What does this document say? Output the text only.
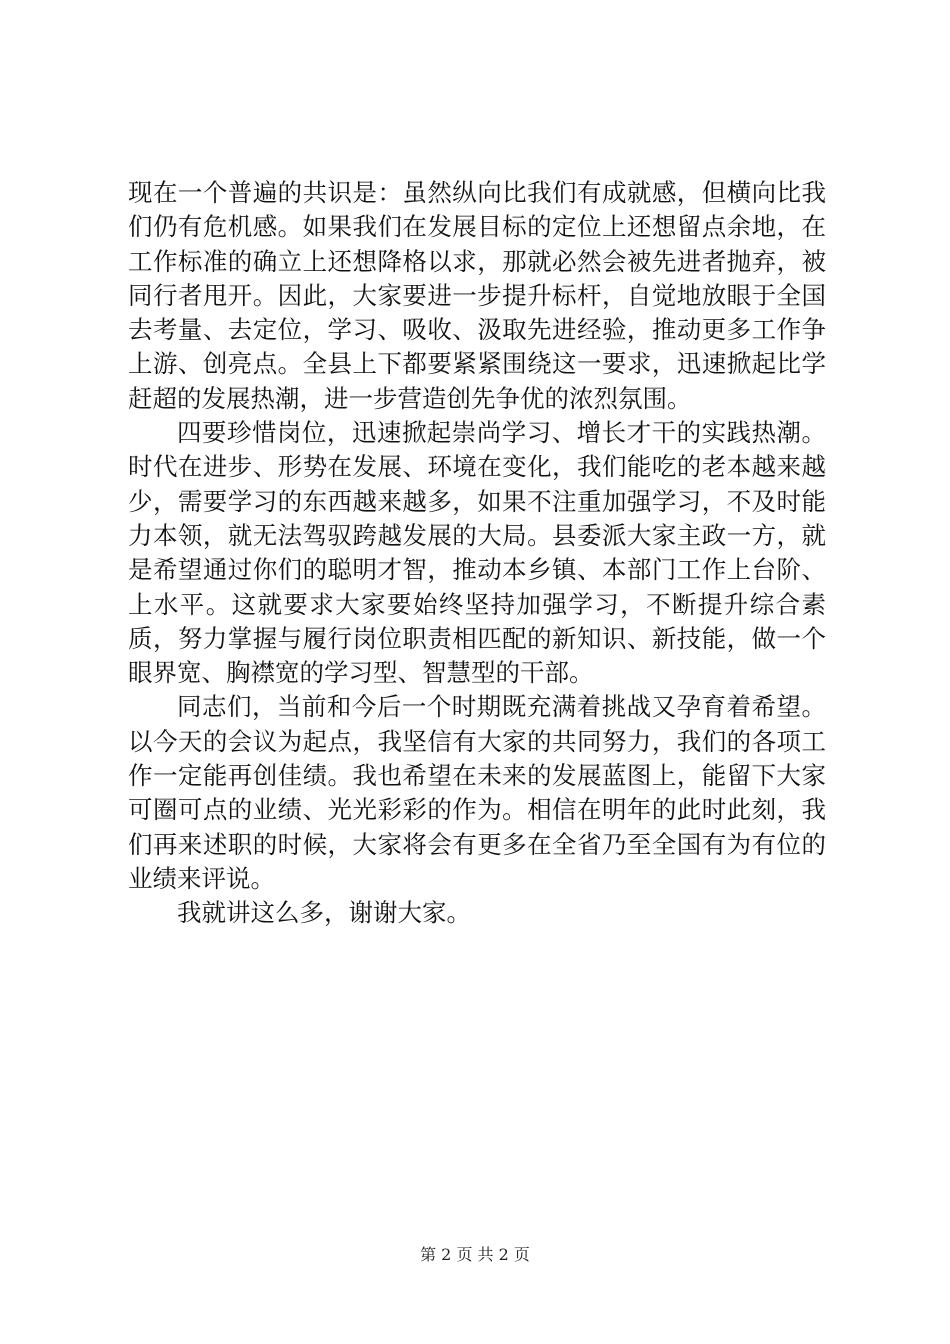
现在一个普遍的共识是：虽然纵向比我们有成就感，但横向比我们仍有危机感。如果我们在发展目标的定位上还想留点余地，在工作标准的确立上还想降格以求，那就必然会被先进者抛弃，被同行者甩开。因此，大家要进一步提升标杆，自觉地放眼于全国去考量、去定位，学习、吸收、汲取先进经验，推动更多工作争上游、创亮点。全县上下都要紧紧围绕这一要求，迅速掀起比学赶超的发展热潮，进一步营造创先争优的浓烈氛围。

四要珍惜岗位，迅速掀起崇尚学习、增长才干的实践热潮。时代在进步、形势在发展、环境在变化，我们能吃的老本越来越少，需要学习的东西越来越多，如果不注重加强学习，不及时能力本领，就无法驾驭跨越发展的大局。县委派大家主政一方，就是希望通过你们的聪明才智，推动本乡镇、本部门工作上台阶、上水平。这就要求大家要始终坚持加强学习，不断提升综合素质，努力掌握与履行岗位职责相匹配的新知识、新技能，做一个眼界宽、胸襟宽的学习型、智慧型的干部。

同志们，当前和今后一个时期既充满着挑战又孕育着希望。以今天的会议为起点，我坚信有大家的共同努力，我们的各项工作一定能再创佳绩。我也希望在未来的发展蓝图上，能留下大家可圈可点的业绩、光光彩彩的作为。相信在明年的此时此刻，我们再来述职的时候，大家将会有更多在全省乃至全国有为有位的业绩来评说。

我就讲这么多，谢谢大家。

第 2 页 共 2 页
